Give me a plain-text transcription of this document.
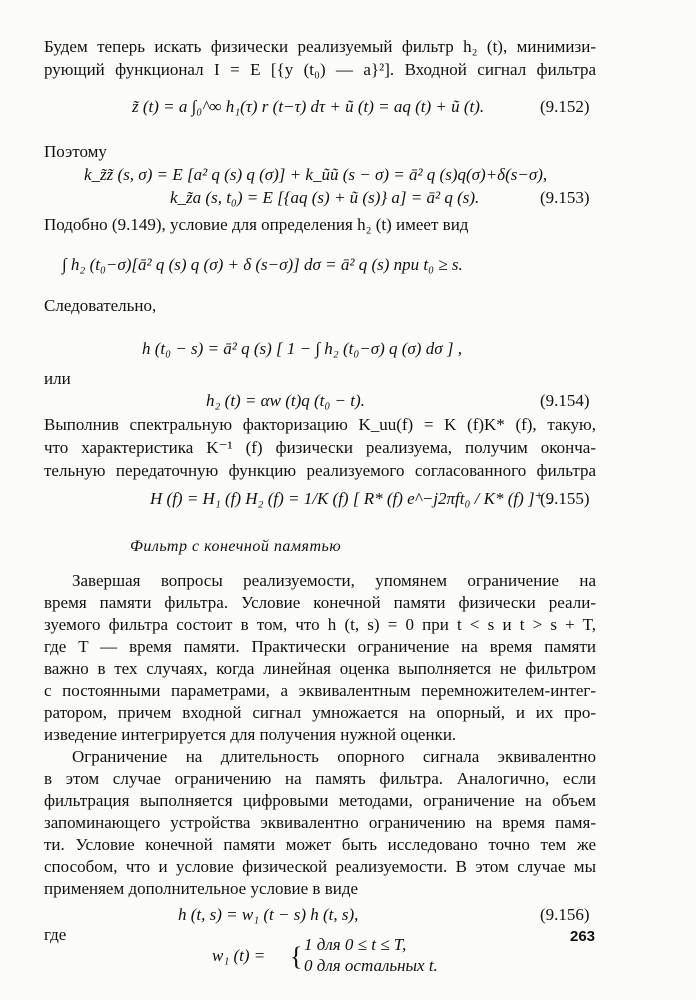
Будем теперь искать физически реализуемый фильтр h₂ (t), минимизи-
рующий функционал I = E [{y (t₀) — a}²]. Входной сигнал фильтра
z̃ (t) = a ∫₀^∞ h₁(τ) r (t−τ) dτ + ũ (t) = aq (t) + ũ (t).	(9.152)
Поэтому
k_z̃z̃ (s, σ) = E [a² q (s) q (σ)] + k_ũũ (s − σ) = ā² q (s)q(σ)+δ(s−σ),
k_z̃a (s, t₀) = E [{aq (s) + ũ (s)} a] = ā² q (s).	(9.153)
Подобно (9.149), условие для определения h₂ (t) имеет вид
∫ h₂ (t₀−σ)[ā² q (s) q (σ) + δ (s−σ)] dσ = ā² q (s) при t₀ ≥ s.
Следовательно,
h (t₀ − s) = ā² q (s) [ 1 − ∫ h₂ (t₀−σ) q (σ) dσ ] ,
или
h₂ (t) = αw (t)q (t₀ − t).	(9.154)
Выполнив спектральную факторизацию K_uu(f) = K (f)K* (f), такую,
что характеристика K⁻¹ (f) физически реализуема, получим оконча-
тельную передаточную функцию реализуемого согласованного фильтра
H (f) = H₁ (f) H₂ (f) = 1/K (f) [ R* (f) e^−j2πft₀ / K* (f) ]⁺ .
(9.155)
Фильтр с конечной памятью
Завершая вопросы реализуемости, упомянем ограничение на
время памяти фильтра. Условие конечной памяти физически реали-
зуемого фильтра состоит в том, что h (t, s) = 0 при t < s и t > s + T,
где T — время памяти. Практически ограничение на время памяти
важно в тех случаях, когда линейная оценка выполняется не фильтром
с постоянными параметрами, а эквивалентным перемножителем-интег-
ратором, причем входной сигнал умножается на опорный, и их про-
изведение интегрируется для получения нужной оценки.
Ограничение на длительность опорного сигнала эквивалентно
в этом случае ограничению на память фильтра. Аналогично, если
фильтрация выполняется цифровыми методами, ограничение на объем
запоминающего устройства эквивалентно ограничению на время памя-
ти. Условие конечной памяти может быть исследовано точно тем же
способом, что и условие физической реализуемости. В этом случае мы
применяем дополнительное условие в виде
h (t, s) = w₁ (t − s) h (t, s),	(9.156)
где
w₁ (t) = { 1 для 0 ≤ t ≤ T,
0 для остальных t.
263
